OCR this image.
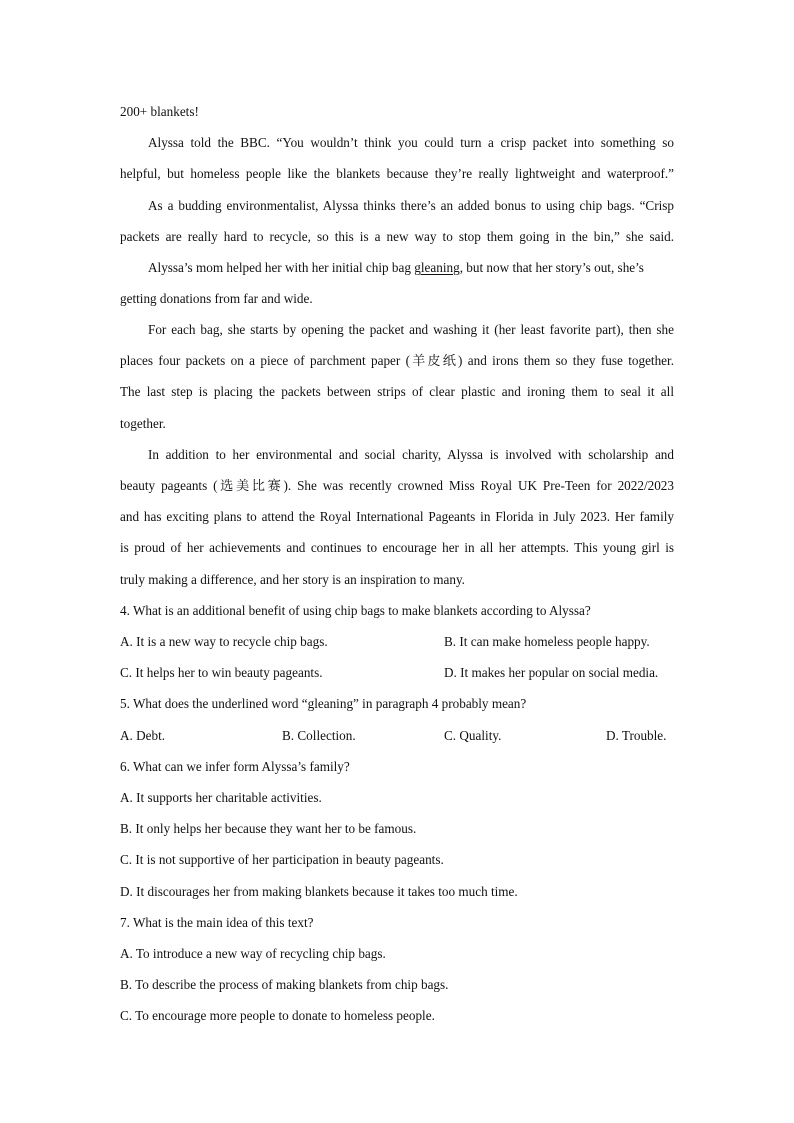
200+ blankets!
Alyssa told the BBC. “You wouldn’t think you could turn a crisp packet into something so
helpful, but homeless people like the blankets because they’re really lightweight and waterproof.”
As a budding environmentalist, Alyssa thinks there’s an added bonus to using chip bags. “Crisp
packets are really hard to recycle, so this is a new way to stop them going in the bin,” she said.
Alyssa’s mom helped her with her initial chip bag gleaning, but now that her story’s out, she’s
getting donations from far and wide.
For each bag, she starts by opening the packet and washing it (her least favorite part), then she
places four packets on a piece of parchment paper (羊皮纸) and irons them so they fuse together.
The last step is placing the packets between strips of clear plastic and ironing them to seal it all
together.
In addition to her environmental and social charity, Alyssa is involved with scholarship and
beauty pageants (选美比赛). She was recently crowned Miss Royal UK Pre-Teen for 2022/2023
and has exciting plans to attend the Royal International Pageants in Florida in July 2023. Her family
is proud of her achievements and continues to encourage her in all her attempts. This young girl is
truly making a difference, and her story is an inspiration to many.
4. What is an additional benefit of using chip bags to make blankets according to Alyssa?
A. It is a new way to recycle chip bags.	B. It can make homeless people happy.
C. It helps her to win beauty pageants.	D. It makes her popular on social media.
5. What does the underlined word “gleaning” in paragraph 4 probably mean?
A. Debt.	B. Collection.	C. Quality.	D. Trouble.
6. What can we infer form Alyssa’s family?
A. It supports her charitable activities.
B. It only helps her because they want her to be famous.
C. It is not supportive of her participation in beauty pageants.
D. It discourages her from making blankets because it takes too much time.
7. What is the main idea of this text?
A. To introduce a new way of recycling chip bags.
B. To describe the process of making blankets from chip bags.
C. To encourage more people to donate to homeless people.
